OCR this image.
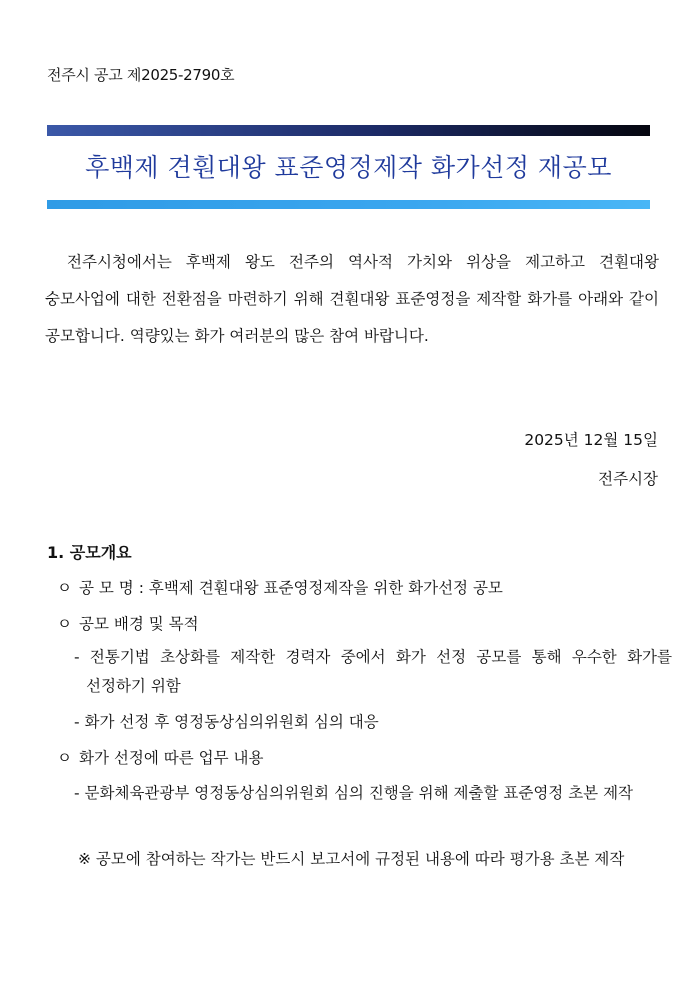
전주시 공고 제2025-2790호
후백제 견훤대왕 표준영정제작 화가선정 재공모
전주시청에서는 후백제 왕도 전주의 역사적 가치와 위상을 제고하고 견훤대왕 숭모사업에 대한 전환점을 마련하기 위해 견훤대왕 표준영정을 제작할 화가를 아래와 같이 공모합니다. 역량있는 화가 여러분의 많은 참여 바랍니다.
2025년 12월 15일
전주시장
1. 공모개요
ㅇ 공 모 명 : 후백제 견훤대왕 표준영정제작을 위한 화가선정 공모
ㅇ 공모 배경 및 목적
- 전통기법 초상화를 제작한 경력자 중에서 화가 선정 공모를 통해 우수한 화가를 선정하기 위함
- 화가 선정 후 영정동상심의위원회 심의 대응
ㅇ 화가 선정에 따른 업무 내용
- 문화체육관광부 영정동상심의위원회 심의 진행을 위해 제출할 표준영정 초본 제작
※ 공모에 참여하는 작가는 반드시 보고서에 규정된 내용에 따라 평가용 초본 제작
